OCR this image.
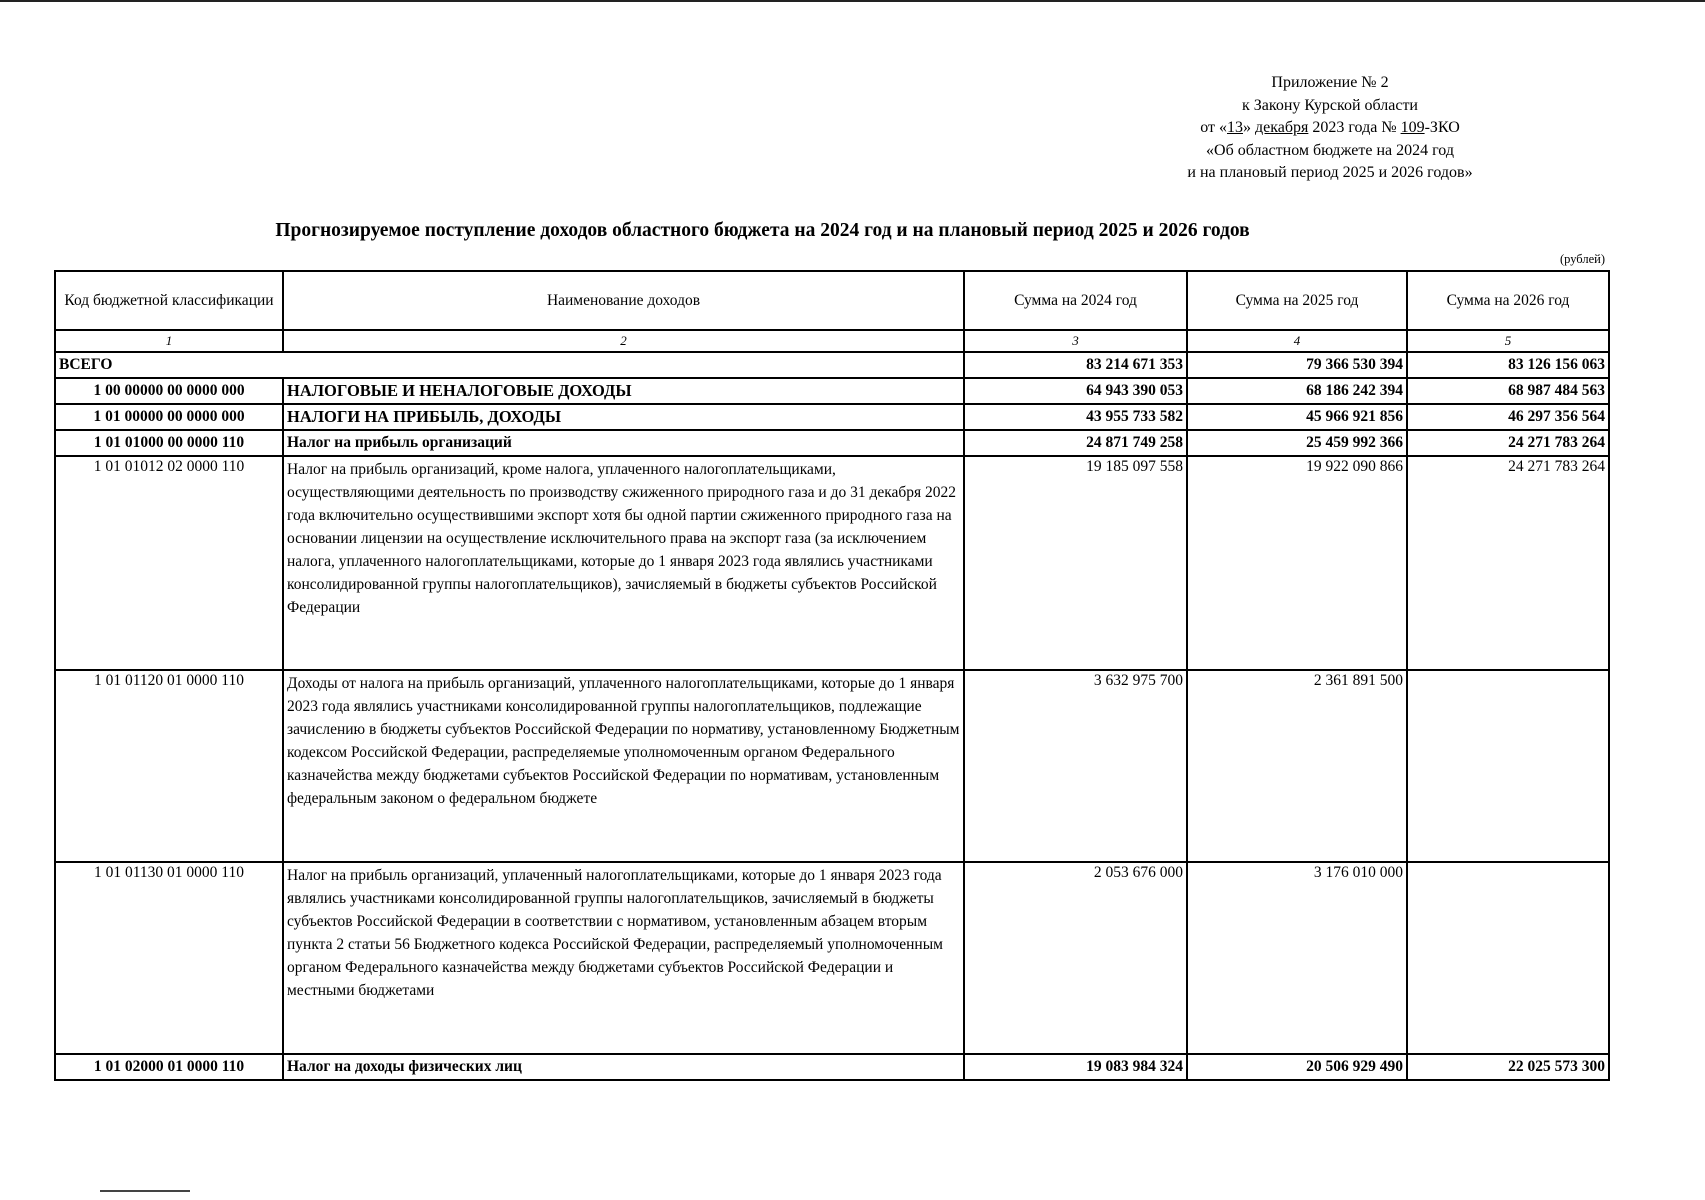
Приложение № 2
к Закону Курской области
от «13» декабря 2023 года № 109-ЗКО
«Об областном бюджете на 2024 год
и на плановый период 2025 и 2026 годов»
Прогнозируемое поступление доходов областного бюджета на 2024 год и на плановый период 2025 и 2026 годов
(рублей)
Код бюджетной классификации	Наименование доходов	Сумма на 2024 год	Сумма на 2025 год	Сумма на 2026 год
1	2	3	4	5
ВСЕГО		83 214 671 353	79 366 530 394	83 126 156 063
1 00 00000 00 0000 000	НАЛОГОВЫЕ И НЕНАЛОГОВЫЕ ДОХОДЫ	64 943 390 053	68 186 242 394	68 987 484 563
1 01 00000 00 0000 000	НАЛОГИ НА ПРИБЫЛЬ, ДОХОДЫ	43 955 733 582	45 966 921 856	46 297 356 564
1 01 01000 00 0000 110	Налог на прибыль организаций	24 871 749 258	25 459 992 366	24 271 783 264
1 01 01012 02 0000 110	Налог на прибыль организаций, кроме налога, уплаченного налогоплательщиками, осуществляющими деятельность по производству сжиженного природного газа и до 31 декабря 2022 года включительно осуществившими экспорт хотя бы одной партии сжиженного природного газа на основании лицензии на осуществление исключительного права на экспорт газа (за исключением налога, уплаченного налогоплательщиками, которые до 1 января 2023 года являлись участниками консолидированной группы налогоплательщиков), зачисляемый в бюджеты субъектов Российской Федерации	19 185 097 558	19 922 090 866	24 271 783 264
1 01 01120 01 0000 110	Доходы от налога на прибыль организаций, уплаченного налогоплательщиками, которые до 1 января 2023 года являлись участниками консолидированной группы налогоплательщиков, подлежащие зачислению в бюджеты субъектов Российской Федерации по нормативу, установленному Бюджетным кодексом Российской Федерации, распределяемые уполномоченным органом Федерального казначейства между бюджетами субъектов Российской Федерации по нормативам, установленным федеральным законом о федеральном бюджете	3 632 975 700	2 361 891 500	
1 01 01130 01 0000 110	Налог на прибыль организаций, уплаченный налогоплательщиками, которые до 1 января 2023 года являлись участниками консолидированной группы налогоплательщиков, зачисляемый в бюджеты субъектов Российской Федерации в соответствии с нормативом, установленным абзацем вторым пункта 2 статьи 56 Бюджетного кодекса Российской Федерации, распределяемый уполномоченным органом Федерального казначейства между бюджетами субъектов Российской Федерации и местными бюджетами	2 053 676 000	3 176 010 000	
1 01 02000 01 0000 110	Налог на доходы физических лиц	19 083 984 324	20 506 929 490	22 025 573 300
